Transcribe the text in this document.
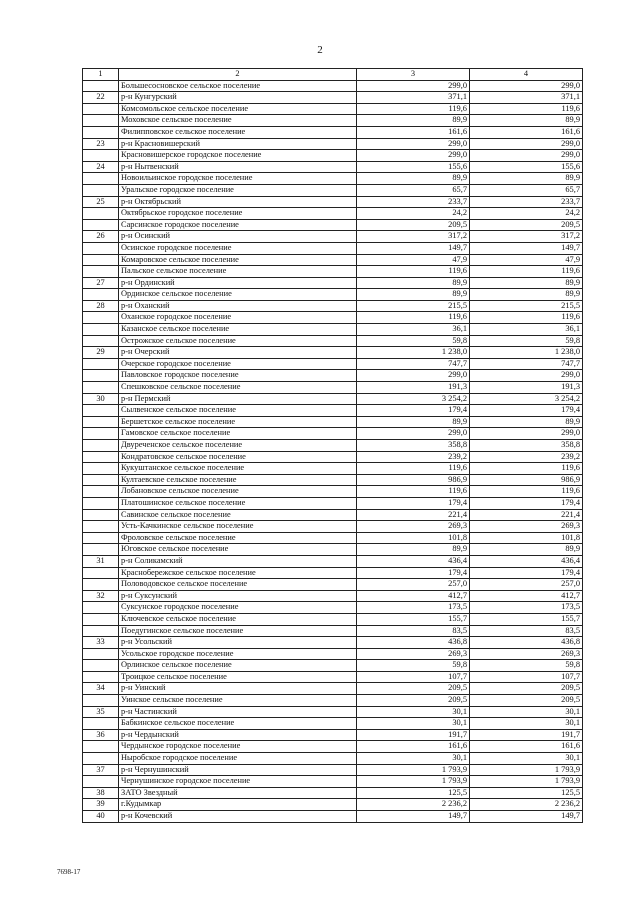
2
1	2	3	4
	Большесосновское сельское поселение	299,0	299,0
22	р-н Кунгурский	371,1	371,1
	Комсомольское сельское поселение	119,6	119,6
	Моховское сельское поселение	89,9	89,9
	Филипповское сельское поселение	161,6	161,6
23	р-н Красновишерский	299,0	299,0
	Красновишерское городское поселение	299,0	299,0
24	р-н Нытвенский	155,6	155,6
	Новоильинское городское поселение	89,9	89,9
	Уральское городское поселение	65,7	65,7
25	р-н Октябрьский	233,7	233,7
	Октябрьское городское поселение	24,2	24,2
	Сарсинское городское поселение	209,5	209,5
26	р-н Осинский	317,2	317,2
	Осинское городское поселение	149,7	149,7
	Комаровское сельское поселение	47,9	47,9
	Пальское сельское поселение	119,6	119,6
27	р-н Ординский	89,9	89,9
	Ординское сельское поселение	89,9	89,9
28	р-н Оханский	215,5	215,5
	Оханское городское поселение	119,6	119,6
	Казанское сельское поселение	36,1	36,1
	Острожское сельское поселение	59,8	59,8
29	р-н Очерский	1 238,0	1 238,0
	Очерское городское поселение	747,7	747,7
	Павловское городское поселение	299,0	299,0
	Спешковское сельское поселение	191,3	191,3
30	р-н Пермский	3 254,2	3 254,2
	Сылвенское сельское поселение	179,4	179,4
	Бершетское сельское поселение	89,9	89,9
	Гамовское сельское поселение	299,0	299,0
	Двуреченское сельское поселение	358,8	358,8
	Кондратовское сельское поселение	239,2	239,2
	Кукуштанское сельское поселение	119,6	119,6
	Култаевское сельское поселение	986,9	986,9
	Лобановское сельское поселение	119,6	119,6
	Платошинское сельское поселение	179,4	179,4
	Савинское сельское поселение	221,4	221,4
	Усть-Качкинское сельское поселение	269,3	269,3
	Фроловское сельское поселение	101,8	101,8
	Юговское сельское поселение	89,9	89,9
31	р-н Соликамский	436,4	436,4
	Краснобережское сельское поселение	179,4	179,4
	Половодовское сельское поселение	257,0	257,0
32	р-н Суксунский	412,7	412,7
	Суксунское городское поселение	173,5	173,5
	Ключевское сельское поселение	155,7	155,7
	Поедугинское сельское поселение	83,5	83,5
33	р-н Усольский	436,8	436,8
	Усольское городское поселение	269,3	269,3
	Орлинское сельское поселение	59,8	59,8
	Троицкое сельское поселение	107,7	107,7
34	р-н Уинский	209,5	209,5
	Уинское сельское поселение	209,5	209,5
35	р-н Частинский	30,1	30,1
	Бабкинское сельское поселение	30,1	30,1
36	р-н Чердынский	191,7	191,7
	Чердынское городское поселение	161,6	161,6
	Ныробское городское поселение	30,1	30,1
37	р-н Чернушинский	1 793,9	1 793,9
	Чернушинское городское поселение	1 793,9	1 793,9
38	ЗАТО Звездный	125,5	125,5
39	г.Кудымкар	2 236,2	2 236,2
40	р-н Кочевский	149,7	149,7
7698-17
